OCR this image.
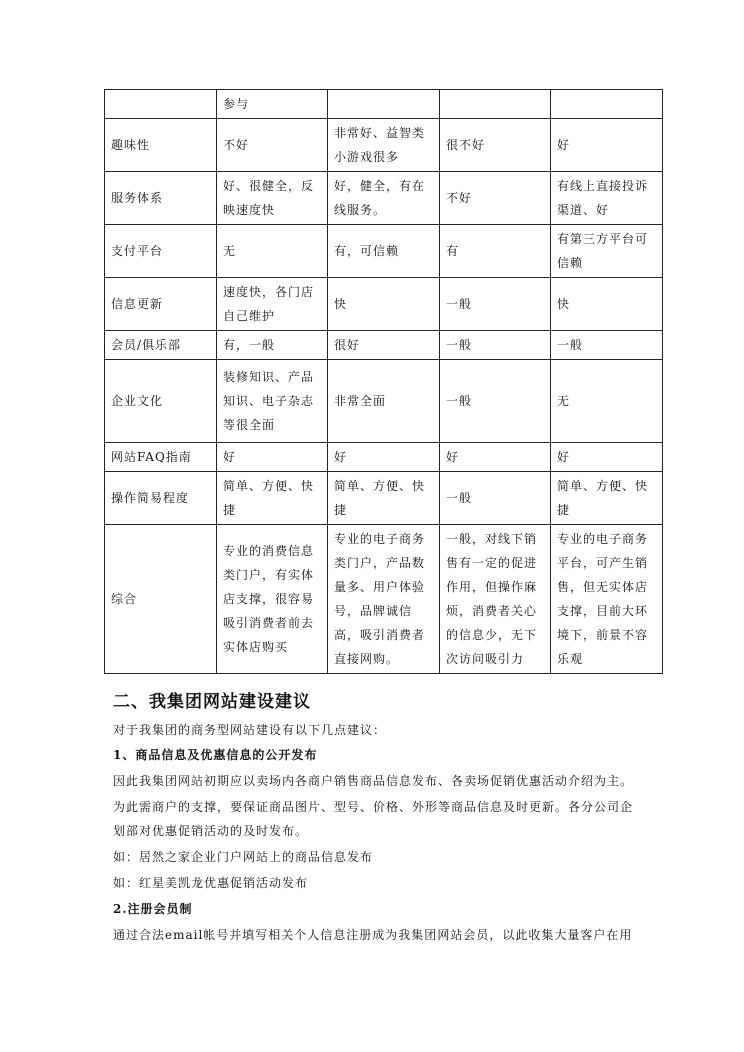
	参与			
趣味性	不好	非常好、益智类小游戏很多	很不好	好
服务体系	好、很健全，反映速度快	好，健全，有在线服务。	不好	有线上直接投诉渠道、好
支付平台	无	有，可信赖	有	有第三方平台可信赖
信息更新	速度快，各门店自己维护	快	一般	快
会员/俱乐部	有，一般	很好	一般	一般
企业文化	装修知识、产品知识、电子杂志等很全面	非常全面	一般	无
网站FAQ指南	好	好	好	好
操作简易程度	简单、方便、快捷	简单、方便、快捷	一般	简单、方便、快捷
综合	专业的消费信息类门户，有实体店支撑，很容易吸引消费者前去实体店购买	专业的电子商务类门户，产品数量多、用户体验号，品牌诚信高，吸引消费者直接网购。	一般，对线下销售有一定的促进作用，但操作麻烦，消费者关心的信息少，无下次访问吸引力	专业的电子商务平台，可产生销售，但无实体店支撑，目前大环境下，前景不容乐观
二、我集团网站建设建议
对于我集团的商务型网站建设有以下几点建议：
1、商品信息及优惠信息的公开发布
因此我集团网站初期应以卖场内各商户销售商品信息发布、各卖场促销优惠活动介绍为主。
为此需商户的支撑，要保证商品图片、型号、价格、外形等商品信息及时更新。各分公司企划部对优惠促销活动的及时发布。
如：居然之家企业门户网站上的商品信息发布
如：红星美凯龙优惠促销活动发布
2.注册会员制
通过合法email帐号并填写相关个人信息注册成为我集团网站会员，以此收集大量客户在用
